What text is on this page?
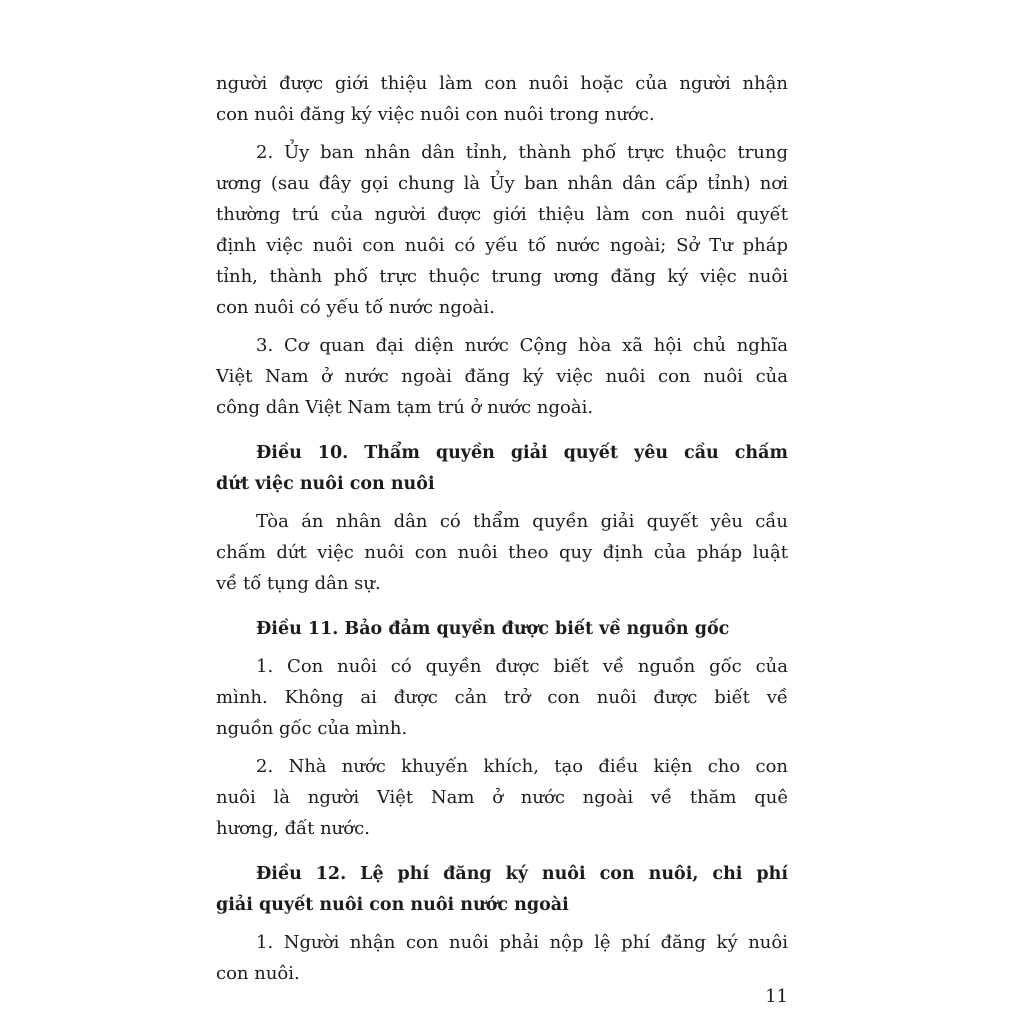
người được giới thiệu làm con nuôi hoặc của người nhận
con nuôi đăng ký việc nuôi con nuôi trong nước.
2. Ủy ban nhân dân tỉnh, thành phố trực thuộc trung
ương (sau đây gọi chung là Ủy ban nhân dân cấp tỉnh) nơi
thường trú của người được giới thiệu làm con nuôi quyết
định việc nuôi con nuôi có yếu tố nước ngoài; Sở Tư pháp
tỉnh, thành phố trực thuộc trung ương đăng ký việc nuôi
con nuôi có yếu tố nước ngoài.
3. Cơ quan đại diện nước Cộng hòa xã hội chủ nghĩa
Việt Nam ở nước ngoài đăng ký việc nuôi con nuôi của
công dân Việt Nam tạm trú ở nước ngoài.
Điều 10. Thẩm quyền giải quyết yêu cầu chấm
dứt việc nuôi con nuôi
Tòa án nhân dân có thẩm quyền giải quyết yêu cầu
chấm dứt việc nuôi con nuôi theo quy định của pháp luật
về tố tụng dân sự.
Điều 11. Bảo đảm quyền được biết về nguồn gốc
1. Con nuôi có quyền được biết về nguồn gốc của
mình. Không ai được cản trở con nuôi được biết về
nguồn gốc của mình.
2. Nhà nước khuyến khích, tạo điều kiện cho con
nuôi là người Việt Nam ở nước ngoài về thăm quê
hương, đất nước.
Điều 12. Lệ phí đăng ký nuôi con nuôi, chi phí
giải quyết nuôi con nuôi nước ngoài
1. Người nhận con nuôi phải nộp lệ phí đăng ký nuôi
con nuôi.
11
